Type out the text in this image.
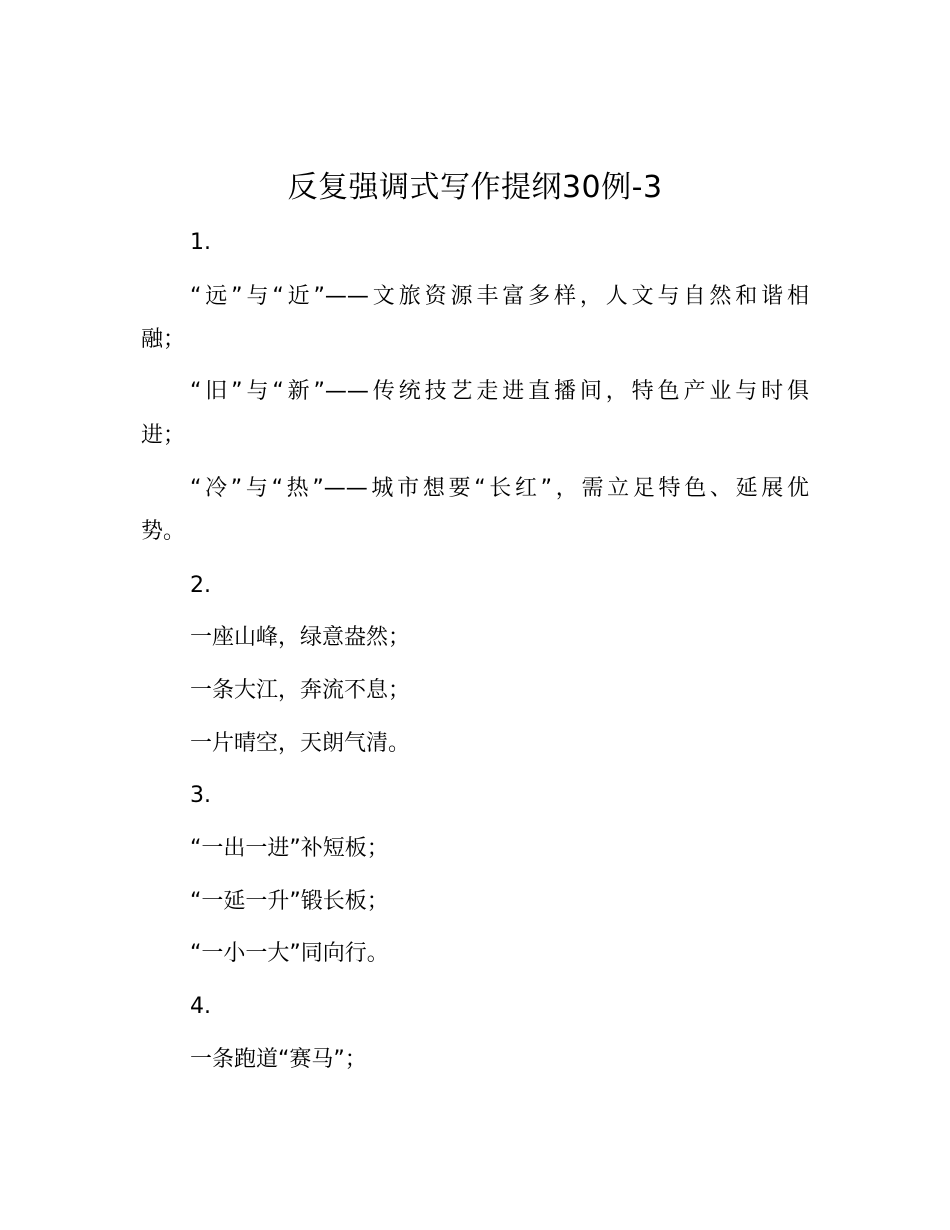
反复强调式写作提纲30例-3
1.
“远”与“近”——文旅资源丰富多样，人文与自然和谐相
融；
“旧”与“新”——传统技艺走进直播间，特色产业与时俱
进；
“冷”与“热”——城市想要“长红”，需立足特色、延展优
势。
2.
一座山峰，绿意盎然；
一条大江，奔流不息；
一片晴空，天朗气清。
3.
“一出一进”补短板；
“一延一升”锻长板；
“一小一大”同向行。
4.
一条跑道“赛马”；
